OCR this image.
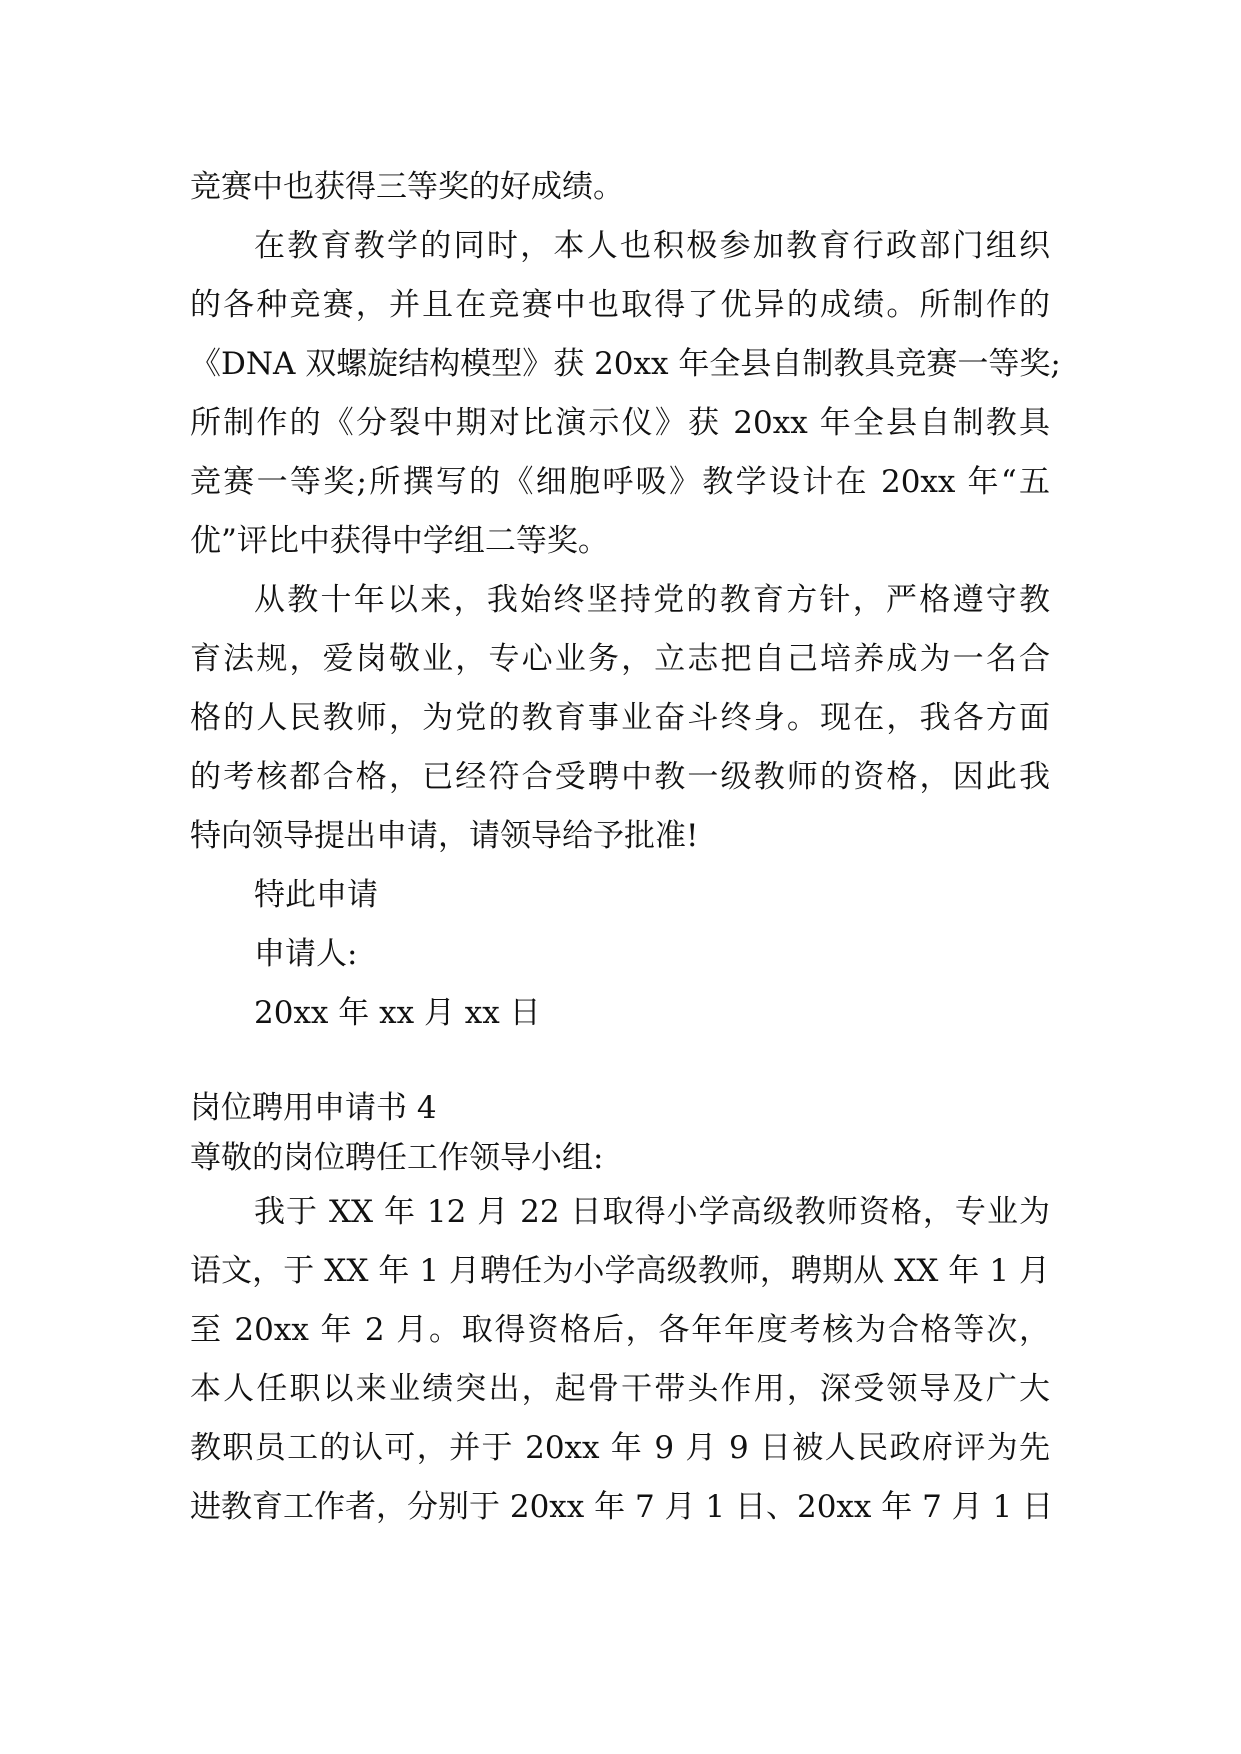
竞赛中也获得三等奖的好成绩。
在教育教学的同时，本人也积极参加教育行政部门组织
的各种竞赛，并且在竞赛中也取得了优异的成绩。所制作的
《DNA 双螺旋结构模型》获 20xx 年全县自制教具竞赛一等奖;
所制作的《分裂中期对比演示仪》获 20xx 年全县自制教具
竞赛一等奖;所撰写的《细胞呼吸》教学设计在 20xx 年“五
优”评比中获得中学组二等奖。
从教十年以来，我始终坚持党的教育方针，严格遵守教
育法规，爱岗敬业，专心业务，立志把自己培养成为一名合
格的人民教师，为党的教育事业奋斗终身。现在，我各方面
的考核都合格，已经符合受聘中教一级教师的资格，因此我
特向领导提出申请，请领导给予批准!
特此申请
申请人:
20xx 年 xx 月 xx 日
岗位聘用申请书 4
尊敬的岗位聘任工作领导小组:
我于 XX 年 12 月 22 日取得小学高级教师资格，专业为
语文，于 XX 年 1 月聘任为小学高级教师，聘期从 XX 年 1 月
至 20xx 年 2 月。取得资格后，各年年度考核为合格等次，
本人任职以来业绩突出，起骨干带头作用，深受领导及广大
教职员工的认可，并于 20xx 年 9 月 9 日被人民政府评为先
进教育工作者，分别于 20xx 年 7 月 1 日、20xx 年 7 月 1 日
